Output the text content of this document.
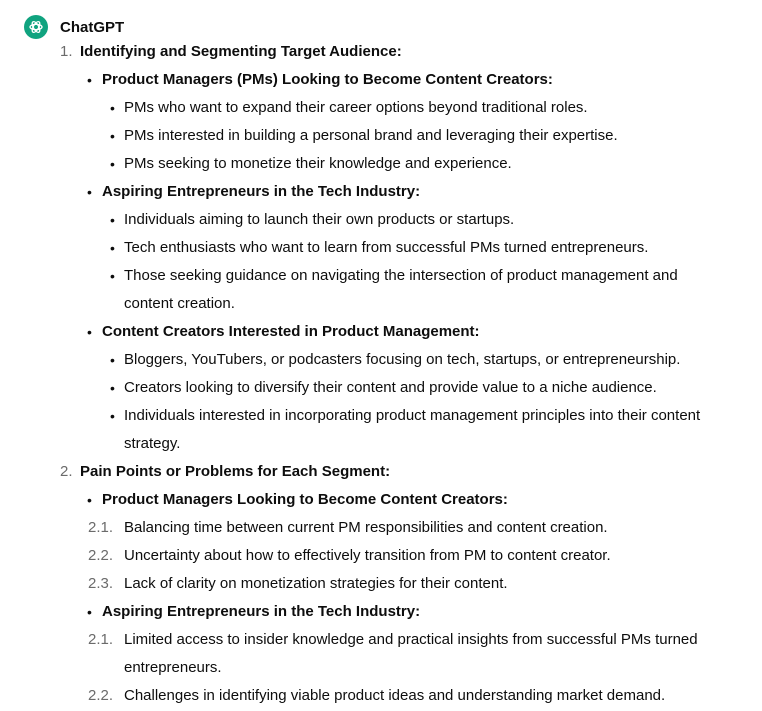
ChatGPT
1. Identifying and Segmenting Target Audience:
• Product Managers (PMs) Looking to Become Content Creators:
• PMs who want to expand their career options beyond traditional roles.
• PMs interested in building a personal brand and leveraging their expertise.
• PMs seeking to monetize their knowledge and experience.
• Aspiring Entrepreneurs in the Tech Industry:
• Individuals aiming to launch their own products or startups.
• Tech enthusiasts who want to learn from successful PMs turned entrepreneurs.
• Those seeking guidance on navigating the intersection of product management and
content creation.
• Content Creators Interested in Product Management:
• Bloggers, YouTubers, or podcasters focusing on tech, startups, or entrepreneurship.
• Creators looking to diversify their content and provide value to a niche audience.
• Individuals interested in incorporating product management principles into their content
strategy.
2. Pain Points or Problems for Each Segment:
• Product Managers Looking to Become Content Creators:
2.1. Balancing time between current PM responsibilities and content creation.
2.2. Uncertainty about how to effectively transition from PM to content creator.
2.3. Lack of clarity on monetization strategies for their content.
• Aspiring Entrepreneurs in the Tech Industry:
2.1. Limited access to insider knowledge and practical insights from successful PMs turned
entrepreneurs.
2.2. Challenges in identifying viable product ideas and understanding market demand.
